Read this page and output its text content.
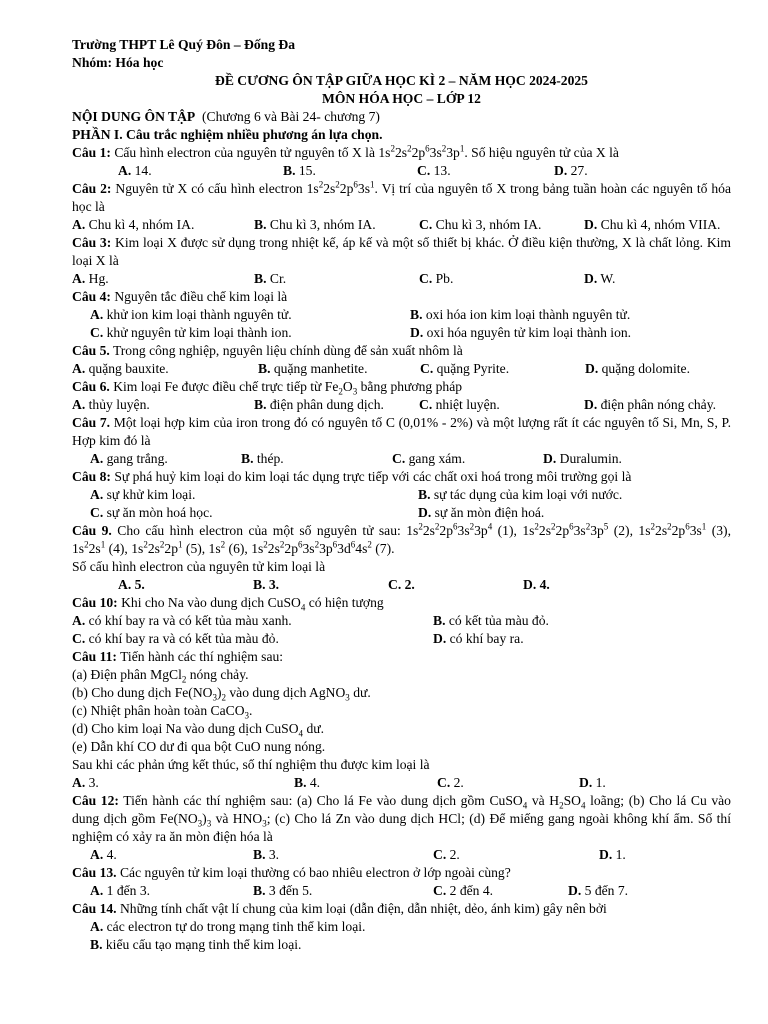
Trường THPT Lê Quý Đôn – Đống Đa
Nhóm: Hóa học
ĐỀ CƯƠNG ÔN TẬP GIỮA HỌC KÌ 2 – NĂM HỌC 2024-2025
MÔN HÓA HỌC – LỚP 12
NỘI DUNG ÔN TẬP (Chương 6 và Bài 24- chương 7)
PHẦN I. Câu trắc nghiệm nhiều phương án lựa chọn.
Câu 1: Cấu hình electron của nguyên tử nguyên tố X là $1s^22s^22p^63s^23p^1$. Số hiệu nguyên tử của X là
A. 14.	B. 15.	C. 13.	D. 27.
Câu 2: Nguyên tử X có cấu hình electron $1s^22s^22p^63s^1$. Vị trí của nguyên tố X trong bảng tuần hoàn các nguyên tố hóa học là
A. Chu kì 4, nhóm IA.	B. Chu kì 3, nhóm IA.	C. Chu kì 3, nhóm IA.	D. Chu kì 4, nhóm VIIA.
Câu 3: Kim loại X được sử dụng trong nhiệt kế, áp kế và một số thiết bị khác. Ở điều kiện thường, X là chất lỏng. Kim loại X là
A. Hg.	B. Cr.	C. Pb.	D. W.
Câu 4: Nguyên tắc điều chế kim loại là
A. khử ion kim loại thành nguyên tử.	B. oxi hóa ion kim loại thành nguyên tử.
C. khử nguyên tử kim loại thành ion.	D. oxi hóa nguyên tử kim loại thành ion.
Câu 5. Trong công nghiệp, nguyên liệu chính dùng để sản xuất nhôm là
A. quặng bauxite.	B. quặng manhetite.	C. quặng Pyrite.	D. quặng dolomite.
Câu 6. Kim loại Fe được điều chế trực tiếp từ $Fe_2O_3$ bằng phương pháp
A. thủy luyện.	B. điện phân dung dịch.	C. nhiệt luyện.	D. điện phân nóng chảy.
Câu 7. Một loại hợp kim của iron trong đó có nguyên tố C (0,01% - 2%) và một lượng rất ít các nguyên tố Si, Mn, S, P. Hợp kim đó là
A. gang trắng.	B. thép.	C. gang xám.	D. Duralumin.
Câu 8: Sự phá huỷ kim loại do kim loại tác dụng trực tiếp với các chất oxi hoá trong môi trường gọi là
A. sự khử kim loại.	B. sự tác dụng của kim loại với nước.
C. sự ăn mòn hoá học.	D. sự ăn mòn điện hoá.
Câu 9. Cho cấu hình electron của một số nguyên tử sau: $1s^22s^22p^63s^23p^4$ (1), $1s^22s^22p^63s^23p^5$ (2), $1s^22s^22p^63s^1$ (3), $1s^22s^1$ (4), $1s^22s^22p^1$ (5), $1s^2$ (6), $1s^22s^22p^63s^23p^63d^64s^2$ (7).
Số cấu hình electron của nguyên tử kim loại là
A. 5.	B. 3.	C. 2.	D. 4.
Câu 10: Khi cho Na vào dung dịch CuSO$_4$ có hiện tượng
A. có khí bay ra và có kết tủa màu xanh.	B. có kết tủa màu đỏ.
C. có khí bay ra và có kết tủa màu đỏ.	D. có khí bay ra.
Câu 11: Tiến hành các thí nghiệm sau:
(a) Điện phân MgCl$_2$ nóng chảy.
(b) Cho dung dịch $Fe(NO_3)_2$ vào dung dịch AgNO$_3$ dư.
(c) Nhiệt phân hoàn toàn CaCO$_3$.
(d) Cho kim loại Na vào dung dịch CuSO$_4$ dư.
(e) Dẫn khí CO dư đi qua bột CuO nung nóng.
Sau khi các phản ứng kết thúc, số thí nghiệm thu được kim loại là
A. 3.	B. 4.	C. 2.	D. 1.
Câu 12: Tiến hành các thí nghiệm sau: (a) Cho lá Fe vào dung dịch gồm CuSO$_4$ và $H_2SO_4$ loãng; (b) Cho lá Cu vào dung dịch gồm $Fe(NO_3)_3$ và $HNO_3$; (c) Cho lá Zn vào dung dịch HCl; (d) Để miếng gang ngoài không khí ẩm. Số thí nghiệm có xảy ra ăn mòn điện hóa là
A. 4.	B. 3.	C. 2.	D. 1.
Câu 13. Các nguyên tử kim loại thường có bao nhiêu electron ở lớp ngoài cùng?
A. 1 đến 3.	B. 3 đến 5.	C. 2 đến 4.	D. 5 đến 7.
Câu 14. Những tính chất vật lí chung của kim loại (dẫn điện, dẫn nhiệt, dẻo, ánh kim) gây nên bởi
A. các electron tự do trong mạng tinh thể kim loại.
B. kiểu cấu tạo mạng tinh thể kim loại.
